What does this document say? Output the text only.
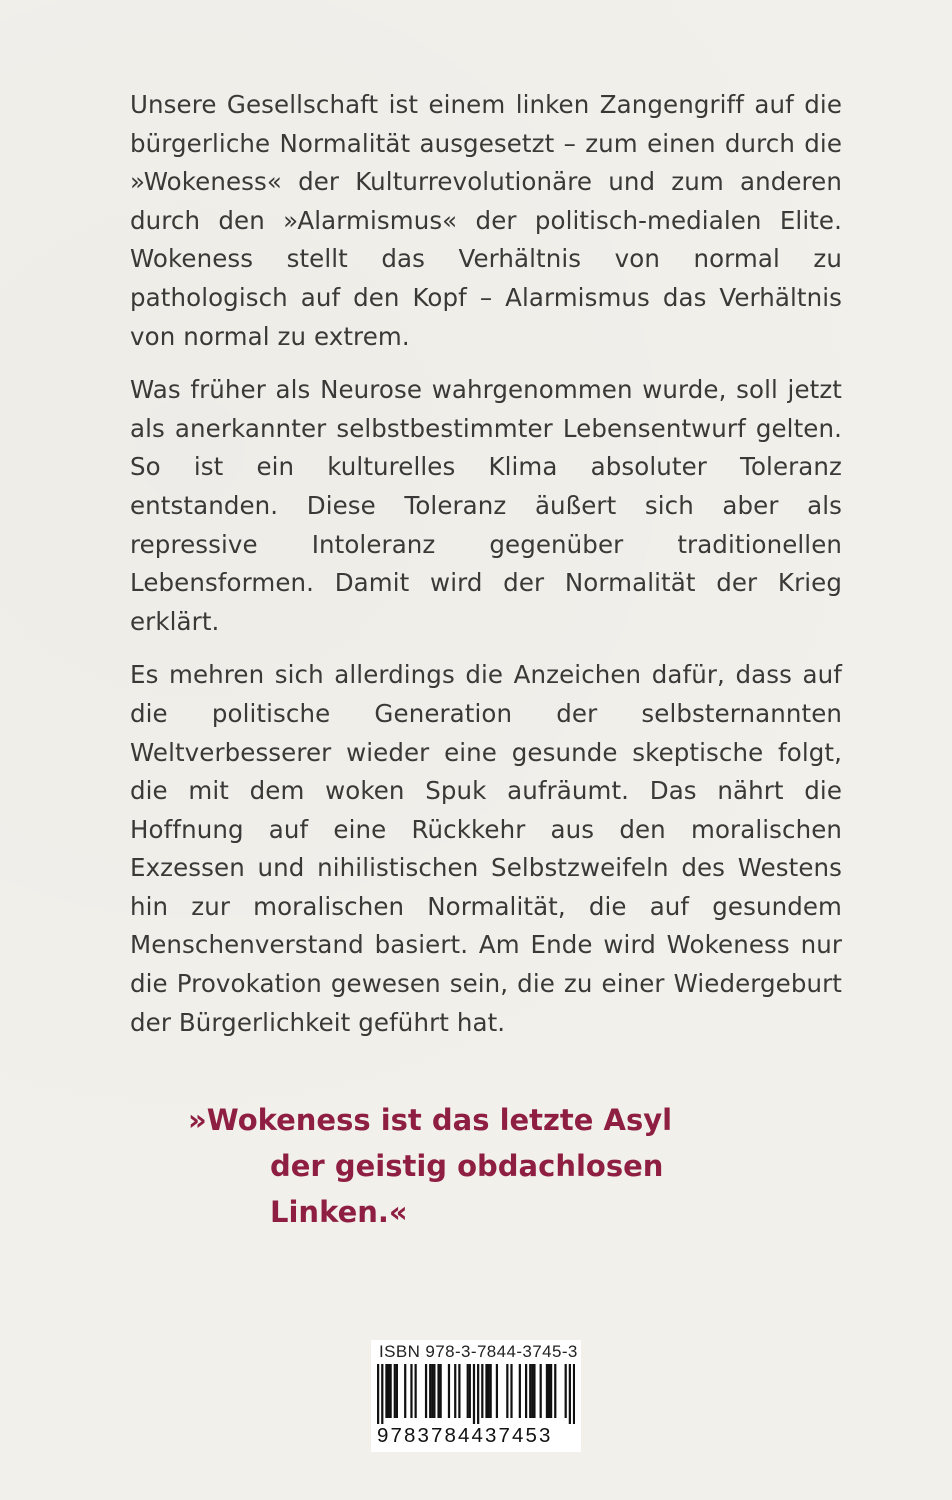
Unsere Gesellschaft ist einem linken Zangengriff auf die bürgerliche Normalität ausgesetzt – zum einen durch die »Wokeness« der Kulturrevolutionäre und zum anderen durch den »Alarmismus« der politisch-medialen Elite. Wokeness stellt das Verhältnis von normal zu pathologisch auf den Kopf – Alarmismus das Verhältnis von normal zu extrem.

Was früher als Neurose wahrgenommen wurde, soll jetzt als anerkannter selbstbestimmter Lebensentwurf gelten. So ist ein kulturelles Klima absoluter Toleranz entstanden. Diese Toleranz äußert sich aber als repressive Intoleranz gegenüber traditionellen Lebensformen. Damit wird der Normalität der Krieg erklärt.

Es mehren sich allerdings die Anzeichen dafür, dass auf die politische Generation der selbsternannten Weltverbesserer wieder eine gesunde skeptische folgt, die mit dem woken Spuk aufräumt. Das nährt die Hoffnung auf eine Rückkehr aus den moralischen Exzessen und nihilistischen Selbstzweifeln des Westens hin zur moralischen Normalität, die auf gesundem Menschenverstand basiert. Am Ende wird Wokeness nur die Provokation gewesen sein, die zu einer Wiedergeburt der Bürgerlichkeit geführt hat.

»Wokeness ist das letzte Asyl
der geistig obdachlosen Linken.«
ISBN 978-3-7844-3745-3
9783784437453
